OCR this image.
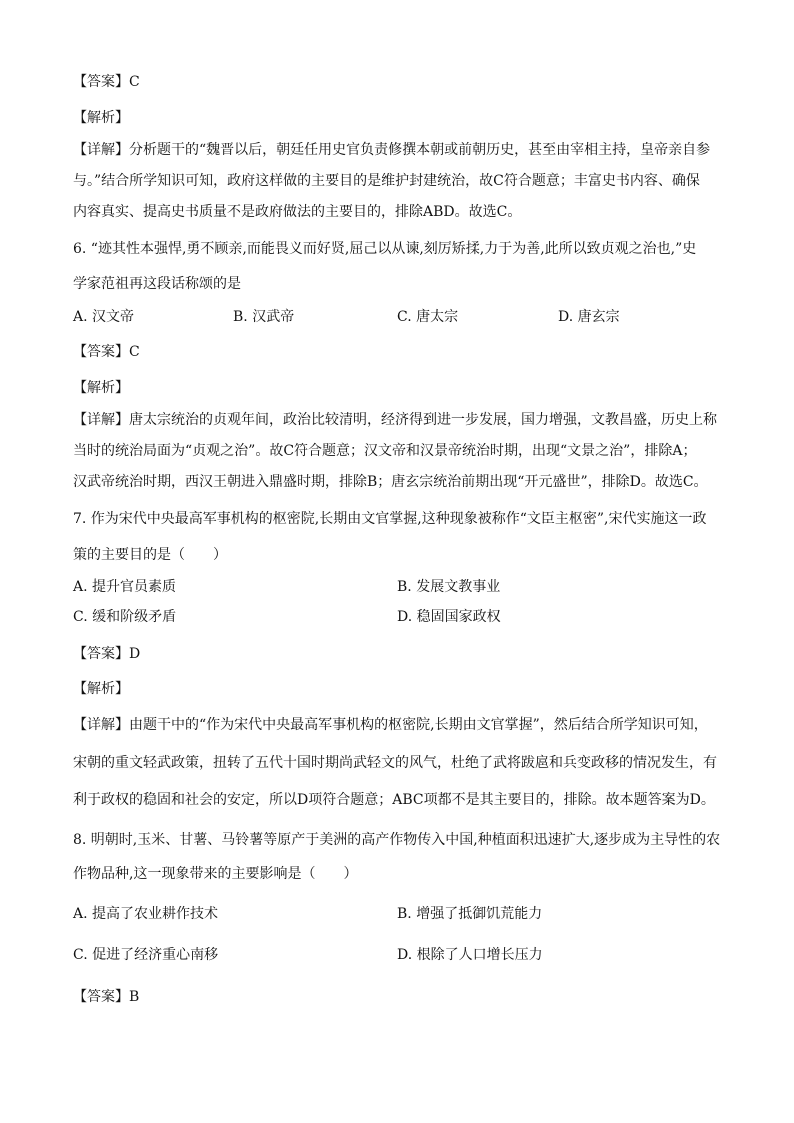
【答案】C
【解析】
【详解】分析题干的“魏晋以后，朝廷任用史官负责修撰本朝或前朝历史，甚至由宰相主持，皇帝亲自参
与。”结合所学知识可知，政府这样做的主要目的是维护封建统治，故C符合题意；丰富史书内容、确保
内容真实、提高史书质量不是政府做法的主要目的，排除ABD。故选C。
6. “迹其性本强悍,勇不顾亲,而能畏义而好贤,屈己以从谏,刻厉矫揉,力于为善,此所以致贞观之治也,”史
学家范祖再这段话称颂的是
A. 汉文帝	B. 汉武帝	C. 唐太宗	D. 唐玄宗
【答案】C
【解析】
【详解】唐太宗统治的贞观年间，政治比较清明，经济得到进一步发展，国力增强，文教昌盛，历史上称
当时的统治局面为“贞观之治”。故C符合题意；汉文帝和汉景帝统治时期，出现“文景之治”，排除A；
汉武帝统治时期，西汉王朝进入鼎盛时期，排除B；唐玄宗统治前期出现“开元盛世”，排除D。故选C。
7. 作为宋代中央最高军事机构的枢密院,长期由文官掌握,这种现象被称作“文臣主枢密”,宋代实施这一政
策的主要目的是（　　）
A. 提升官员素质	B. 发展文教事业
C. 缓和阶级矛盾	D. 稳固国家政权
【答案】D
【解析】
【详解】由题干中的“作为宋代中央最高军事机构的枢密院,长期由文官掌握”，然后结合所学知识可知，
宋朝的重文轻武政策，扭转了五代十国时期尚武轻文的风气，杜绝了武将跋扈和兵变政移的情况发生，有
利于政权的稳固和社会的安定，所以D项符合题意；ABC项都不是其主要目的，排除。故本题答案为D。
8. 明朝时,玉米、甘薯、马铃薯等原产于美洲的高产作物传入中国,种植面积迅速扩大,逐步成为主导性的农
作物品种,这一现象带来的主要影响是（　　）
A. 提高了农业耕作技术	B. 增强了抵御饥荒能力
C. 促进了经济重心南移	D. 根除了人口增长压力
【答案】B
